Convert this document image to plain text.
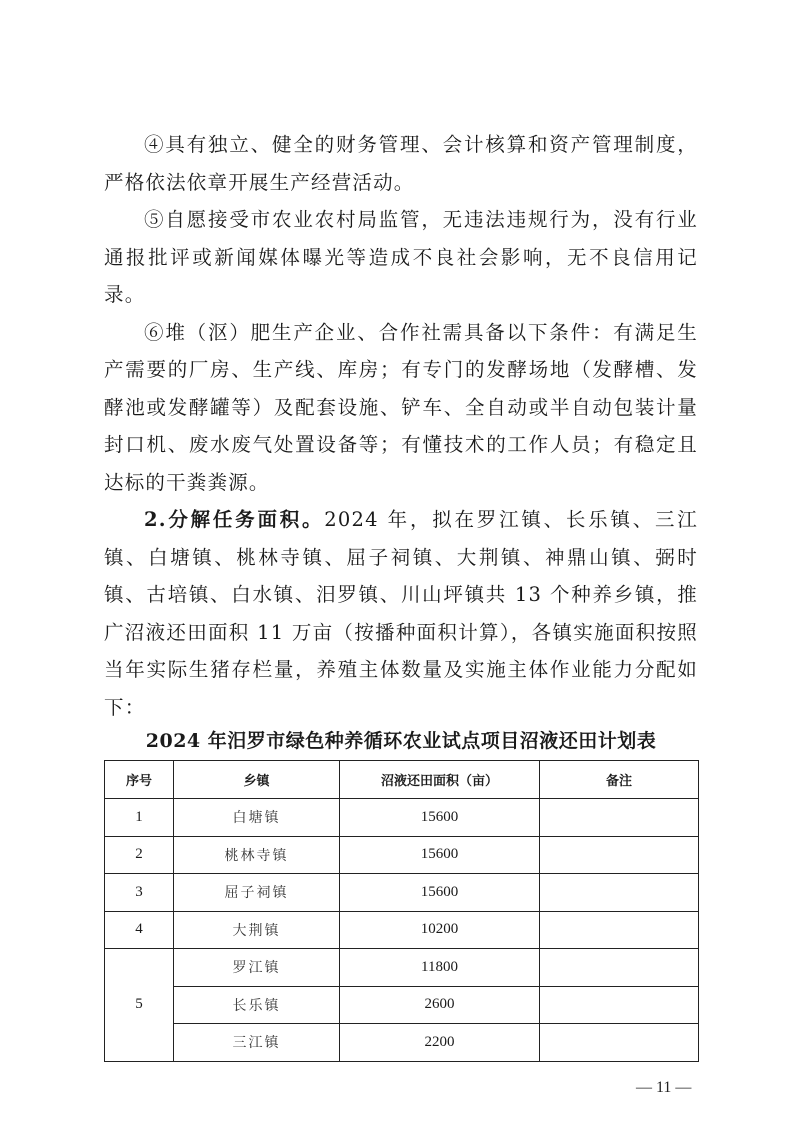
④具有独立、健全的财务管理、会计核算和资产管理制度，严格依法依章开展生产经营活动。

⑤自愿接受市农业农村局监管，无违法违规行为，没有行业通报批评或新闻媒体曝光等造成不良社会影响，无不良信用记录。

⑥堆（沤）肥生产企业、合作社需具备以下条件：有满足生产需要的厂房、生产线、库房；有专门的发酵场地（发酵槽、发酵池或发酵罐等）及配套设施、铲车、全自动或半自动包装计量封口机、废水废气处置设备等；有懂技术的工作人员；有稳定且达标的干粪粪源。

2.分解任务面积。2024 年，拟在罗江镇、长乐镇、三江镇、白塘镇、桃林寺镇、屈子祠镇、大荆镇、神鼎山镇、弼时镇、古培镇、白水镇、汨罗镇、川山坪镇共 13 个种养乡镇，推广沼液还田面积 11 万亩（按播种面积计算），各镇实施面积按照当年实际生猪存栏量，养殖主体数量及实施主体作业能力分配如下：

2024 年汨罗市绿色种养循环农业试点项目沼液还田计划表

序号	乡镇	沼液还田面积（亩）	备注
1	白塘镇	15600	
2	桃林寺镇	15600	
3	屈子祠镇	15600	
4	大荆镇	10200	
5	罗江镇	11800	
	长乐镇	2600	
	三江镇	2200	
— 11 —
